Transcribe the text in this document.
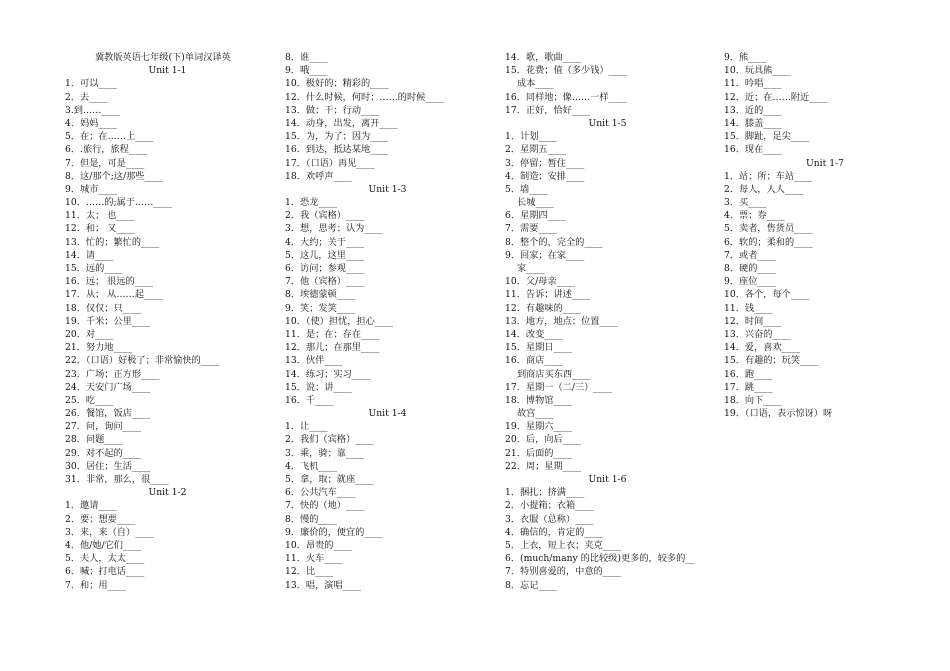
冀教版英语七年级(下)单词汉译英
Unit 1-1
1．可以____
2．去____
3.到……____
4．妈妈____
5．在；在……上____
6．.旅行，旅程____
7．但是，可是____
8．这/那个;这/那些____
9．城市____
10．……的;属于……____
11．太； 也____
12．和； 又____
13．忙的；繁忙的____
14．请____
15．远的____
16．远； 很远的____
17．从； 从……起____
18．仅仅；只____
19．千米；公里____
20．对____
21．努力地____
22．（口语）好极了；非常愉快的____
23．广场；正方形____
24．天安门广场____
25．吃____
26．餐馆，饭店____
27．问，询问____
28．问题____
29．对不起的____
30．居住；生活____
31．非常，那么，很____
Unit 1-2
1．邀请____
2．要；想要____
3．来，来（自）____
4．他/她/它们____
5．夫人，太太____
6．喊；打电话____
7．和；用____
8．谁____
9．哦____
10．极好的；精彩的____
12．什么时候，何时；……的时候____
13．做；干；行动____
14．动身，出发，离开____
15．为，为了；因为____
16．到达，抵达某地____
17．（口语）再见____
18．欢呼声____
Unit 1-3
1．恐龙____
2．我（宾格）____
3．想，思考；认为____
4．大约；关于____
5．这儿，这里____
6．访问；参观____
7．他（宾格）____
8．埃德蒙顿____
9．笑；发笑____
10．（使）担忧，担心____
11．是；在；存在____
12．那儿；在那里____
13．伙伴____
14．练习；实习____
15．说；讲____
16．千____
Unit 1-4
1．让____
2．我们（宾格）____
3．乘，骑；靠____
4．飞机____
5．拿，取；就座____
6．公共汽车____
7．快的（地）____
8．慢的____
9．廉价的，便宜的____
10．昂贵的____
11．火车____
12．比____
13．唱，演唱____
14．歌，歌曲____
15．花费；值（多少钱）____
成本____
16．同样地；像……一样____
17．正好，恰好____
Unit 1-5
1．计划____
2．星期五____
3．停留；暂住____
4．制造；安排____
5．墙____
长城____
6．星期四____
7．需要____
8．整个的，完全的____
9．回家；在家____
家____
10．父/母亲____
11．告诉；讲述____
12．有趣味的____
13．地方，地点；位置____
14．改变____
15．星期日____
16．商店____
到商店买东西____
17．星期一（二/三）____
18．博物馆____
故宫____
19．星期六____
20．后，向后____
21．后面的____
22．周；星期____
Unit 1-6
1．捆扎；挤满____
2．小提箱；衣箱____
3．衣服（总称）____
4．确信的，肯定的____
5．上衣，短上衣；夹克____
6．(much/many 的比较级)更多的，较多的__
7．特别喜爱的，中意的____
8．忘记____
9．熊____
10．玩具熊____
11．吟唱____
12．近；在……附近____
13．近的____
14．膝盖____
15．脚趾，足尖____
16．现在____
Unit 1-7
1．站；所；车站____
2．每人，人人____
3．买____
4．票；券____
5．卖者，售货员____
6．软的；柔和的____
7．或者____
8．硬的____
9．座位____
10．各个，每个____
11．钱____
12．时间____
13．兴奋的____
14．爱，喜欢____
15．有趣的；玩笑____
16．跑____
17．跳____
18．向下____
19．（口语，表示惊讶）呀
